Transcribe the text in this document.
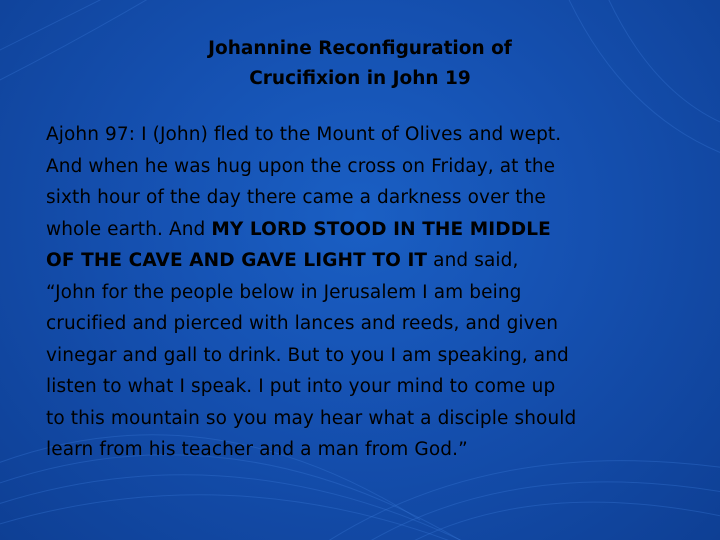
Johannine Reconfiguration of
Crucifixion in John 19
Ajohn 97: I (John) fled to the Mount of Olives and wept.
And when he was hug upon the cross on Friday, at the
sixth hour of the day there came a darkness over the
whole earth. And MY LORD STOOD IN THE MIDDLE
OF THE CAVE AND GAVE LIGHT TO IT and said,
“John for the people below in Jerusalem I am being
crucified and pierced with lances and reeds, and given
vinegar and gall to drink. But to you I am speaking, and
listen to what I speak. I put into your mind to come up
to this mountain so you may hear what a disciple should
learn from his teacher and a man from God.”
